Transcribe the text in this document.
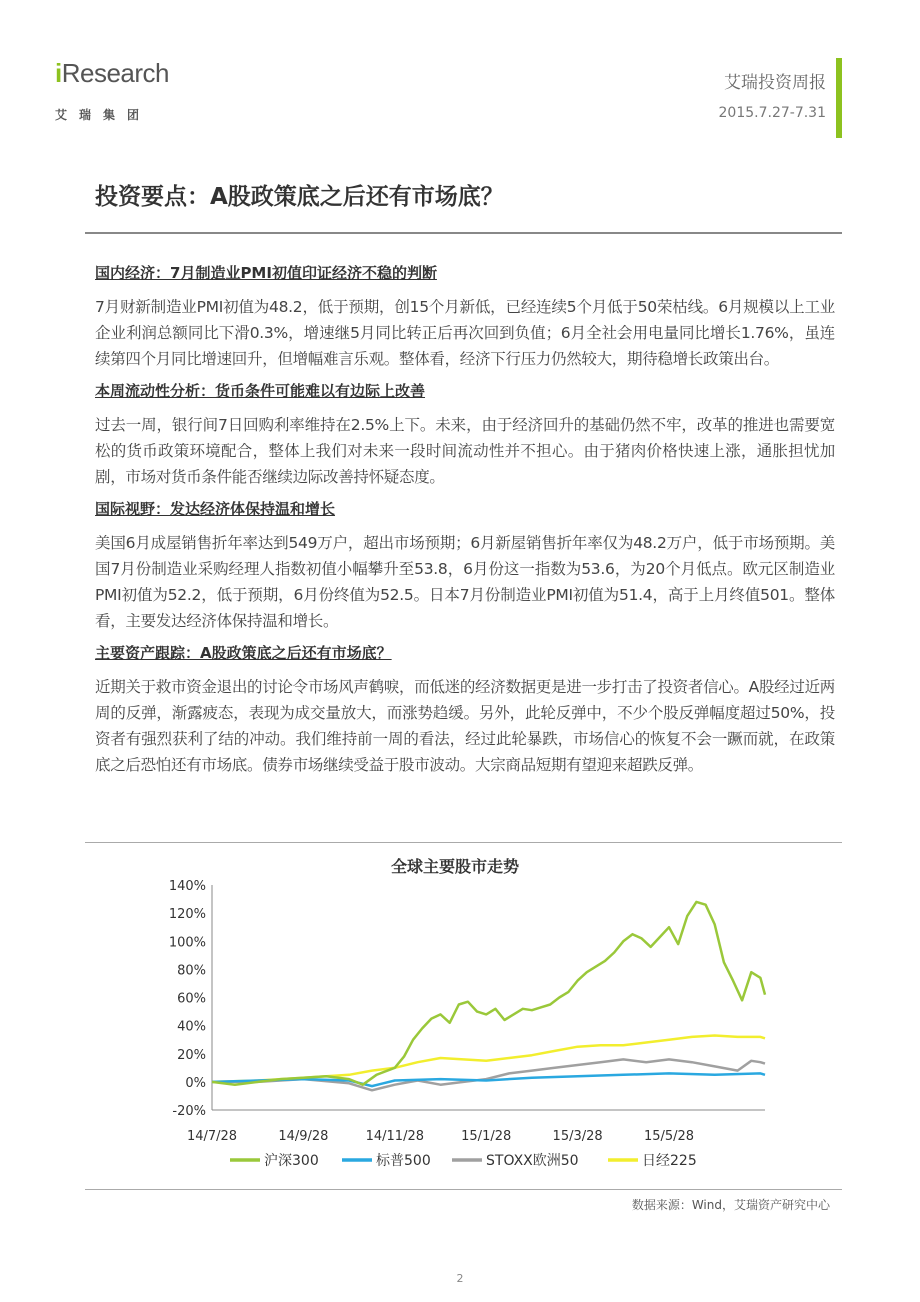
iResearch
艾瑞集团
艾瑞投资周报
2015.7.27-7.31
投资要点：A股政策底之后还有市场底？
国内经济：7月制造业PMI初值印证经济不稳的判断
7月财新制造业PMI初值为48.2，低于预期，创15个月新低，已经连续5个月低于50荣枯线。6月规模以上工业企业利润总额同比下滑0.3%，增速继5月同比转正后再次回到负值；6月全社会用电量同比增长1.76%，虽连续第四个月同比增速回升，但增幅难言乐观。整体看，经济下行压力仍然较大，期待稳增长政策出台。
本周流动性分析：货币条件可能难以有边际上改善
过去一周，银行间7日回购利率维持在2.5%上下。未来，由于经济回升的基础仍然不牢，改革的推进也需要宽松的货币政策环境配合，整体上我们对未来一段时间流动性并不担心。由于猪肉价格快速上涨，通胀担忧加剧，市场对货币条件能否继续边际改善持怀疑态度。
国际视野：发达经济体保持温和增长
美国6月成屋销售折年率达到549万户，超出市场预期；6月新屋销售折年率仅为48.2万户，低于市场预期。美国7月份制造业采购经理人指数初值小幅攀升至53.8，6月份这一指数为53.6，为20个月低点。欧元区制造业PMI初值为52.2，低于预期，6月份终值为52.5。日本7月份制造业PMI初值为51.4，高于上月终值501。整体看，主要发达经济体保持温和增长。
主要资产跟踪：A股政策底之后还有市场底？
近期关于救市资金退出的讨论令市场风声鹤唳，而低迷的经济数据更是进一步打击了投资者信心。A股经过近两周的反弹，渐露疲态，表现为成交量放大，而涨势趋缓。另外，此轮反弹中，不少个股反弹幅度超过50%，投资者有强烈获利了结的冲动。我们维持前一周的看法，经过此轮暴跌，市场信心的恢复不会一蹶而就，在政策底之后恐怕还有市场底。债券市场继续受益于股市波动。大宗商品短期有望迎来超跌反弹。
全球主要股市走势
140%
120%
100%
80%
60%
40%
20%
0%
-20%
14/7/28	14/9/28	14/11/28	15/1/28	15/3/28	15/5/28
沪深300	标普500	STOXX欧洲50	日经225
数据来源：Wind，艾瑞资产研究中心
2
